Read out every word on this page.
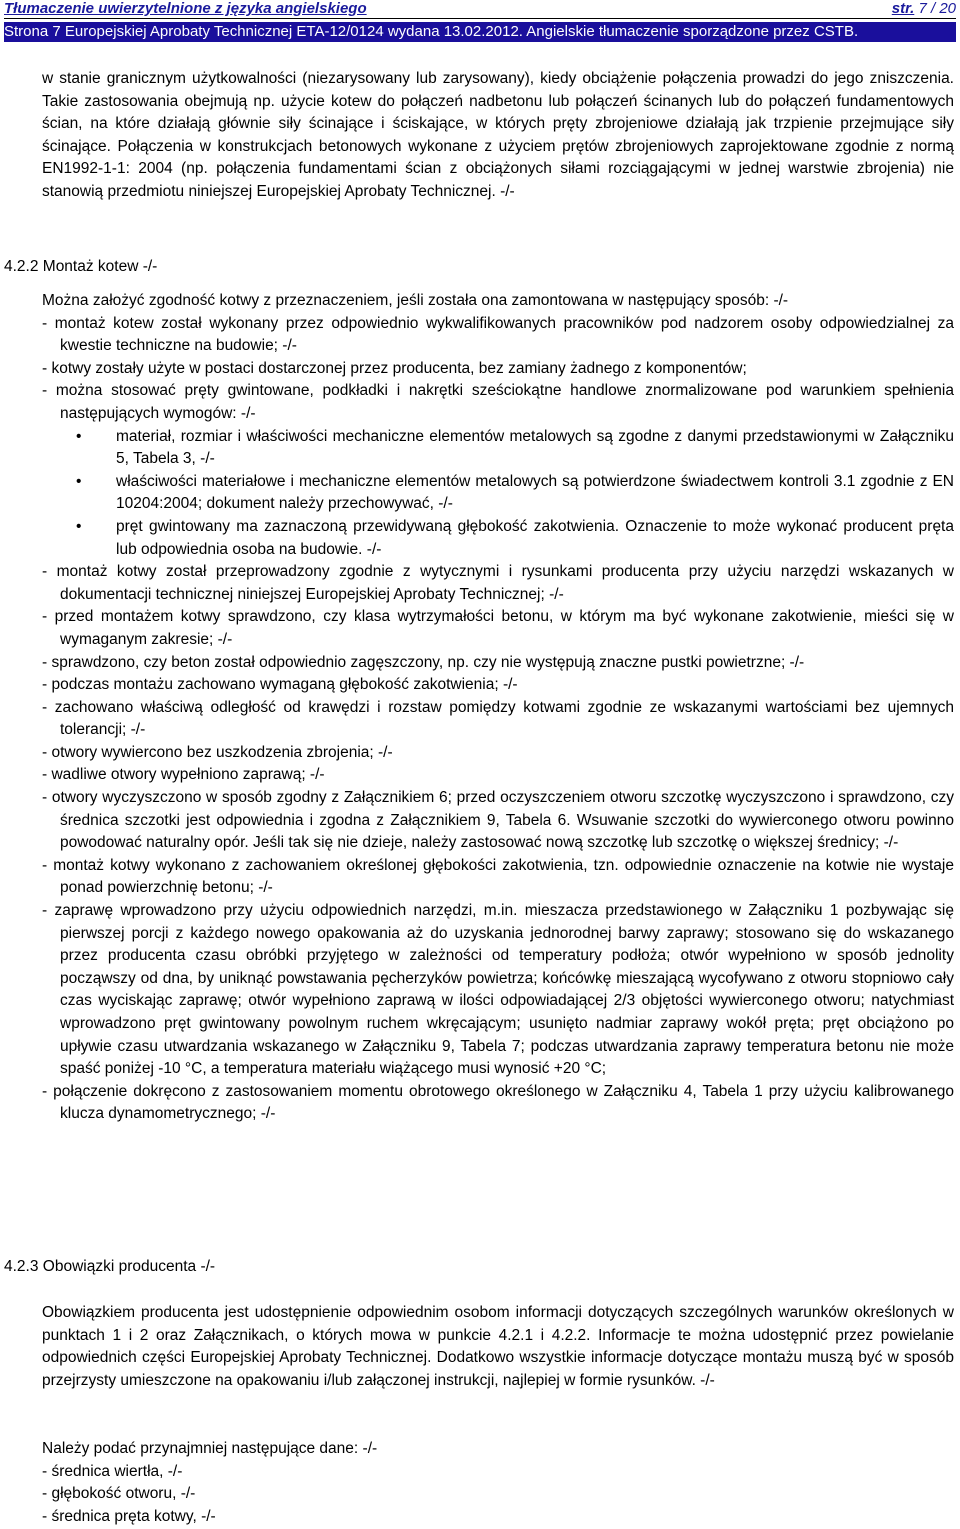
Tłumaczenie uwierzytelnione z języka angielskiego	str. 7 / 20
Strona 7 Europejskiej Aprobaty Technicznej ETA-12/0124 wydana 13.02.2012. Angielskie tłumaczenie sporządzone przez CSTB.
w stanie granicznym użytkowalności (niezarysowany lub zarysowany), kiedy obciążenie połączenia prowadzi do jego zniszczenia. Takie zastosowania obejmują np. użycie kotew do połączeń nadbetonu lub połączeń ścinanych lub do połączeń fundamentowych ścian, na które działają głównie siły ścinające i ściskające, w których pręty zbrojeniowe działają jak trzpienie przejmujące siły ścinające. Połączenia w konstrukcjach betonowych wykonane z użyciem prętów zbrojeniowych zaprojektowane zgodnie z normą EN1992-1-1: 2004 (np. połączenia fundamentami ścian z obciążonych siłami rozciągającymi w jednej warstwie zbrojenia) nie stanowią przedmiotu niniejszej Europejskiej Aprobaty Technicznej. -/-
4.2.2 Montaż kotew -/-
Można założyć zgodność kotwy z przeznaczeniem, jeśli została ona zamontowana w następujący sposób: -/-
- montaż kotew został wykonany przez odpowiednio wykwalifikowanych pracowników pod nadzorem osoby odpowiedzialnej za kwestie techniczne na budowie; -/-
- kotwy zostały użyte w postaci dostarczonej przez producenta, bez zamiany żadnego z komponentów;
- można stosować pręty gwintowane, podkładki i nakrętki sześciokątne handlowe znormalizowane pod warunkiem spełnienia następujących wymogów: -/-
• materiał, rozmiar i właściwości mechaniczne elementów metalowych są zgodne z danymi przedstawionymi w Załączniku 5, Tabela 3, -/-
• właściwości materiałowe i mechaniczne elementów metalowych są potwierdzone świadectwem kontroli 3.1 zgodnie z EN 10204:2004; dokument należy przechowywać, -/-
• pręt gwintowany ma zaznaczoną przewidywaną głębokość zakotwienia. Oznaczenie to może wykonać producent pręta lub odpowiednia osoba na budowie. -/-
- montaż kotwy został przeprowadzony zgodnie z wytycznymi i rysunkami producenta przy użyciu narzędzi wskazanych w dokumentacji technicznej niniejszej Europejskiej Aprobaty Technicznej; -/-
- przed montażem kotwy sprawdzono, czy klasa wytrzymałości betonu, w którym ma być wykonane zakotwienie, mieści się w wymaganym zakresie; -/-
- sprawdzono, czy beton został odpowiednio zagęszczony, np. czy nie występują znaczne pustki powietrzne; -/-
- podczas montażu zachowano wymaganą głębokość zakotwienia; -/-
- zachowano właściwą odległość od krawędzi i rozstaw pomiędzy kotwami zgodnie ze wskazanymi wartościami bez ujemnych tolerancji; -/-
- otwory wywiercono bez uszkodzenia zbrojenia; -/-
- wadliwe otwory wypełniono zaprawą; -/-
- otwory wyczyszczono w sposób zgodny z Załącznikiem 6; przed oczyszczeniem otworu szczotkę wyczyszczono i sprawdzono, czy średnica szczotki jest odpowiednia i zgodna z Załącznikiem 9, Tabela 6. Wsuwanie szczotki do wywierconego otworu powinno powodować naturalny opór. Jeśli tak się nie dzieje, należy zastosować nową szczotkę lub szczotkę o większej średnicy; -/-
- montaż kotwy wykonano z zachowaniem określonej głębokości zakotwienia, tzn. odpowiednie oznaczenie na kotwie nie wystaje ponad powierzchnię betonu; -/-
- zaprawę wprowadzono przy użyciu odpowiednich narzędzi, m.in. mieszacza przedstawionego w Załączniku 1 pozbywając się pierwszej porcji z każdego nowego opakowania aż do uzyskania jednorodnej barwy zaprawy; stosowano się do wskazanego przez producenta czasu obróbki przyjętego w zależności od temperatury podłoża; otwór wypełniono w sposób jednolity począwszy od dna, by uniknąć powstawania pęcherzyków powietrza; końcówkę mieszającą wycofywano z otworu stopniowo cały czas wyciskając zaprawę; otwór wypełniono zaprawą w ilości odpowiadającej 2/3 objętości wywierconego otworu; natychmiast wprowadzono pręt gwintowany powolnym ruchem wkręcającym; usunięto nadmiar zaprawy wokół pręta; pręt obciążono po upływie czasu utwardzania wskazanego w Załączniku 9, Tabela 7; podczas utwardzania zaprawy temperatura betonu nie może spaść poniżej -10 °C, a temperatura materiału wiążącego musi wynosić +20 °C;
- połączenie dokręcono z zastosowaniem momentu obrotowego określonego w Załączniku 4, Tabela 1 przy użyciu kalibrowanego klucza dynamometrycznego; -/-
4.2.3 Obowiązki producenta -/-
Obowiązkiem producenta jest udostępnienie odpowiednim osobom informacji dotyczących szczególnych warunków określonych w punktach 1 i 2 oraz Załącznikach, o których mowa w punkcie 4.2.1 i 4.2.2. Informacje te można udostępnić przez powielanie odpowiednich części Europejskiej Aprobaty Technicznej. Dodatkowo wszystkie informacje dotyczące montażu muszą być w sposób przejrzysty umieszczone na opakowaniu i/lub załączonej instrukcji, najlepiej w formie rysunków. -/-
Należy podać przynajmniej następujące dane: -/-
- średnica wiertła, -/-
- głębokość otworu, -/-
- średnica pręta kotwy, -/-
